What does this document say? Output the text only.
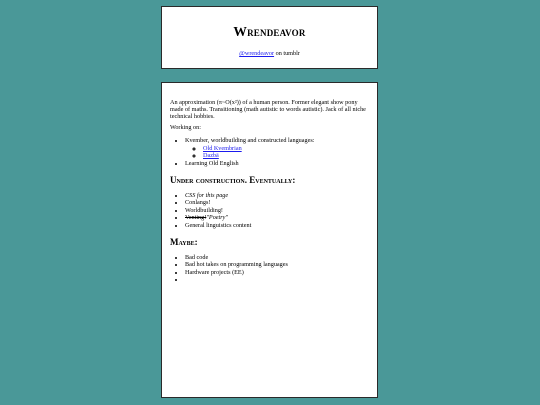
Wrendeavor
@wrendeavor on tumblr

An approximation (π~O(x²)) of a human person. Former elegant show pony made of maths. Transitioning (math autistic to words autistic). Jack of all niche technical hobbies.

Working on:

• Kvember, worldbuilding and constructed languages:
◦ Old Kvembrian
◦ Dazbā
• Learning Old English
Under construction. Eventually:
• CSS for this page
• Conlangs!
• Worldbuilding!
• Venting!"Poetry"
• General linguistics content
Maybe:
• Bad code
• Bad hot takes on programming languages
• Hardware projects (EE)
•
